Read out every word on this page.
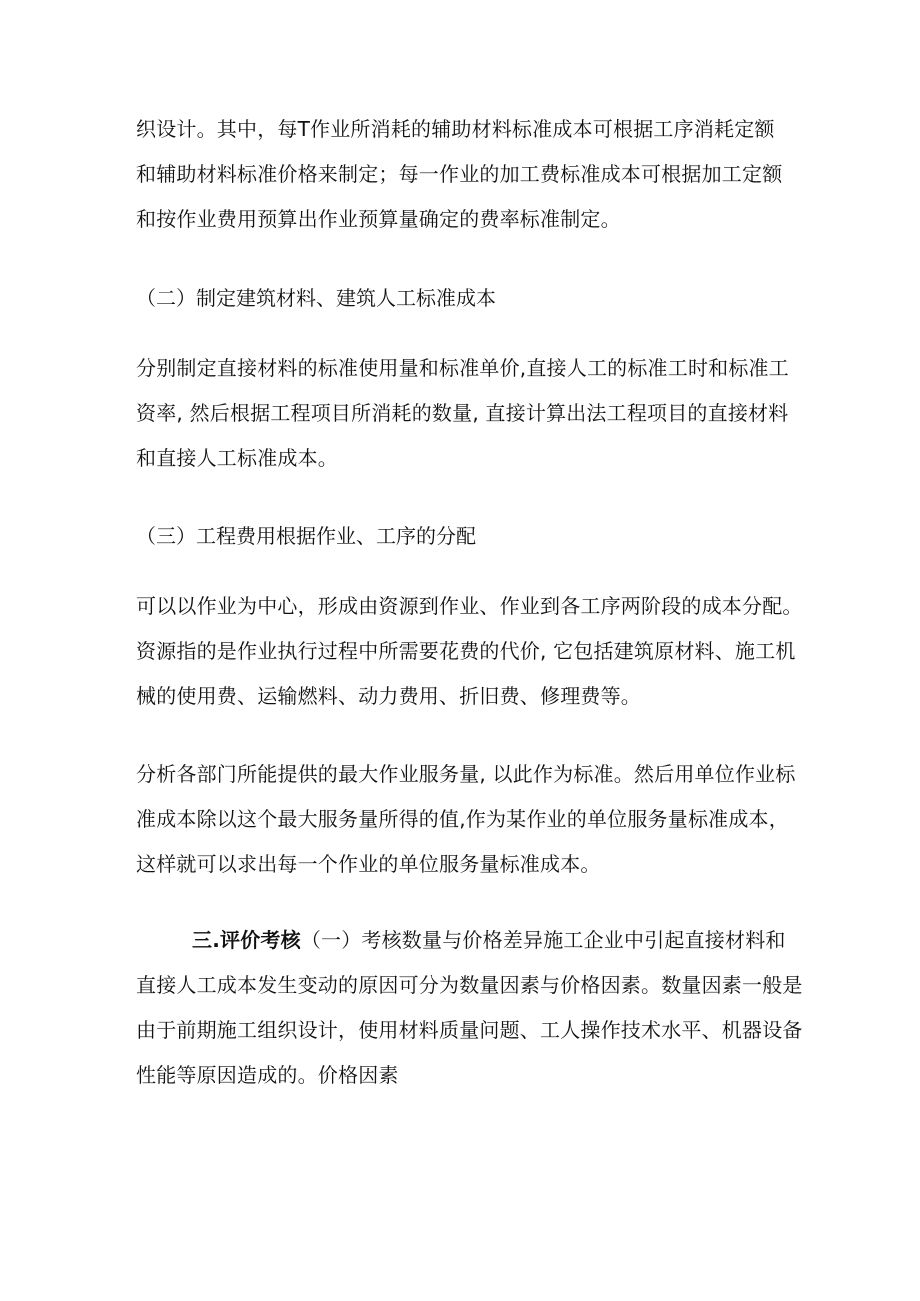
织设计。其中，每T作业所消耗的辅助材料标准成本可根据工序消耗定额
和辅助材料标准价格来制定；每一作业的加工费标准成本可根据加工定额
和按作业费用预算出作业预算量确定的费率标准制定。

（二）制定建筑材料、建筑人工标准成本

分别制定直接材料的标准使用量和标准单价,直接人工的标准工时和标准工
资率, 然后根据工程项目所消耗的数量, 直接计算出法工程项目的直接材料
和直接人工标准成本。

（三）工程费用根据作业、工序的分配

可以以作业为中心，形成由资源到作业、作业到各工序两阶段的成本分配。
资源指的是作业执行过程中所需要花费的代价, 它包括建筑原材料、施工机
械的使用费、运输燃料、动力费用、折旧费、修理费等。

分析各部门所能提供的最大作业服务量, 以此作为标准。然后用单位作业标
准成本除以这个最大服务量所得的值,作为某作业的单位服务量标准成本，
这样就可以求出每一个作业的单位服务量标准成本。

三.评价考核（一）考核数量与价格差异施工企业中引起直接材料和
直接人工成本发生变动的原因可分为数量因素与价格因素。数量因素一般是
由于前期施工组织设计，使用材料质量问题、工人操作技术水平、机器设备
性能等原因造成的。价格因素
